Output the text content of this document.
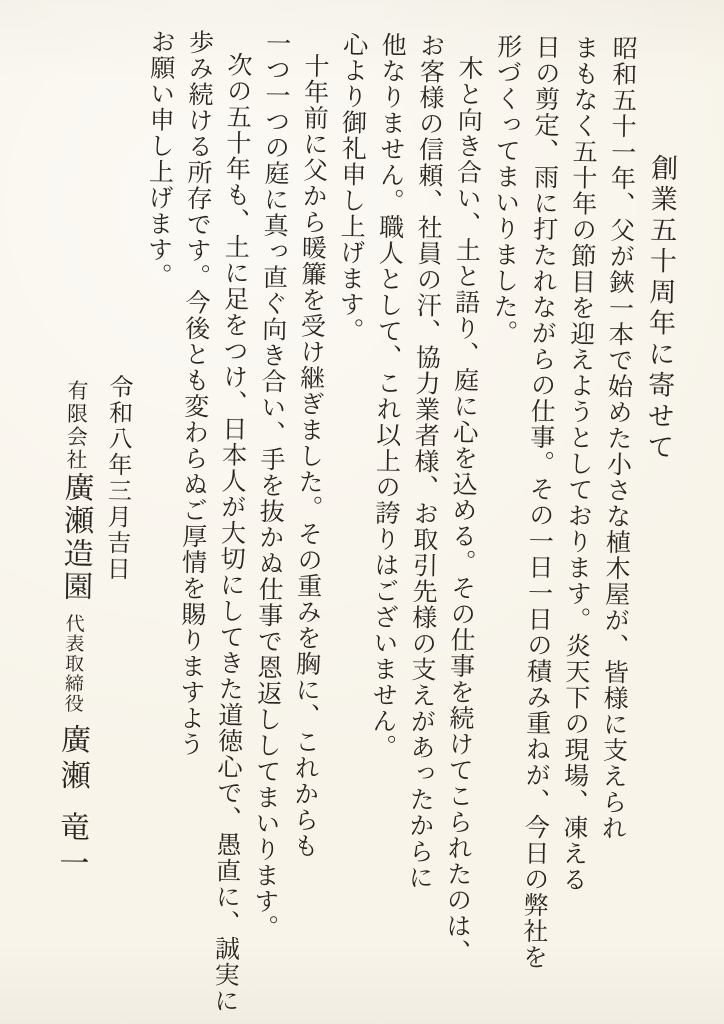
創業五十周年に寄せて
昭和五十一年、父が鋏一本で始めた小さな植木屋が、皆様に支えられ
まもなく五十年の節目を迎えようとしております。炎天下の現場、凍える
日の剪定、雨に打たれながらの仕事。その一日一日の積み重ねが、今日の弊社を
形づくってまいりました。
木と向き合い、土と語り、庭に心を込める。その仕事を続けてこられたのは、
お客様の信頼、社員の汗、協力業者様、お取引先様の支えがあったからに
他なりません。職人として、これ以上の誇りはございません。
心より御礼申し上げます。
十年前に父から暖簾を受け継ぎました。その重みを胸に、これからも
一つ一つの庭に真っ直ぐ向き合い、手を抜かぬ仕事で恩返ししてまいります。
次の五十年も、土に足をつけ、日本人が大切にしてきた道徳心で、愚直に、誠実に
歩み続ける所存です。今後とも変わらぬご厚情を賜りますよう
お願い申し上げます。
令和八年三月吉日
有限会社廣瀬造園代表取締役廣瀬 竜一
